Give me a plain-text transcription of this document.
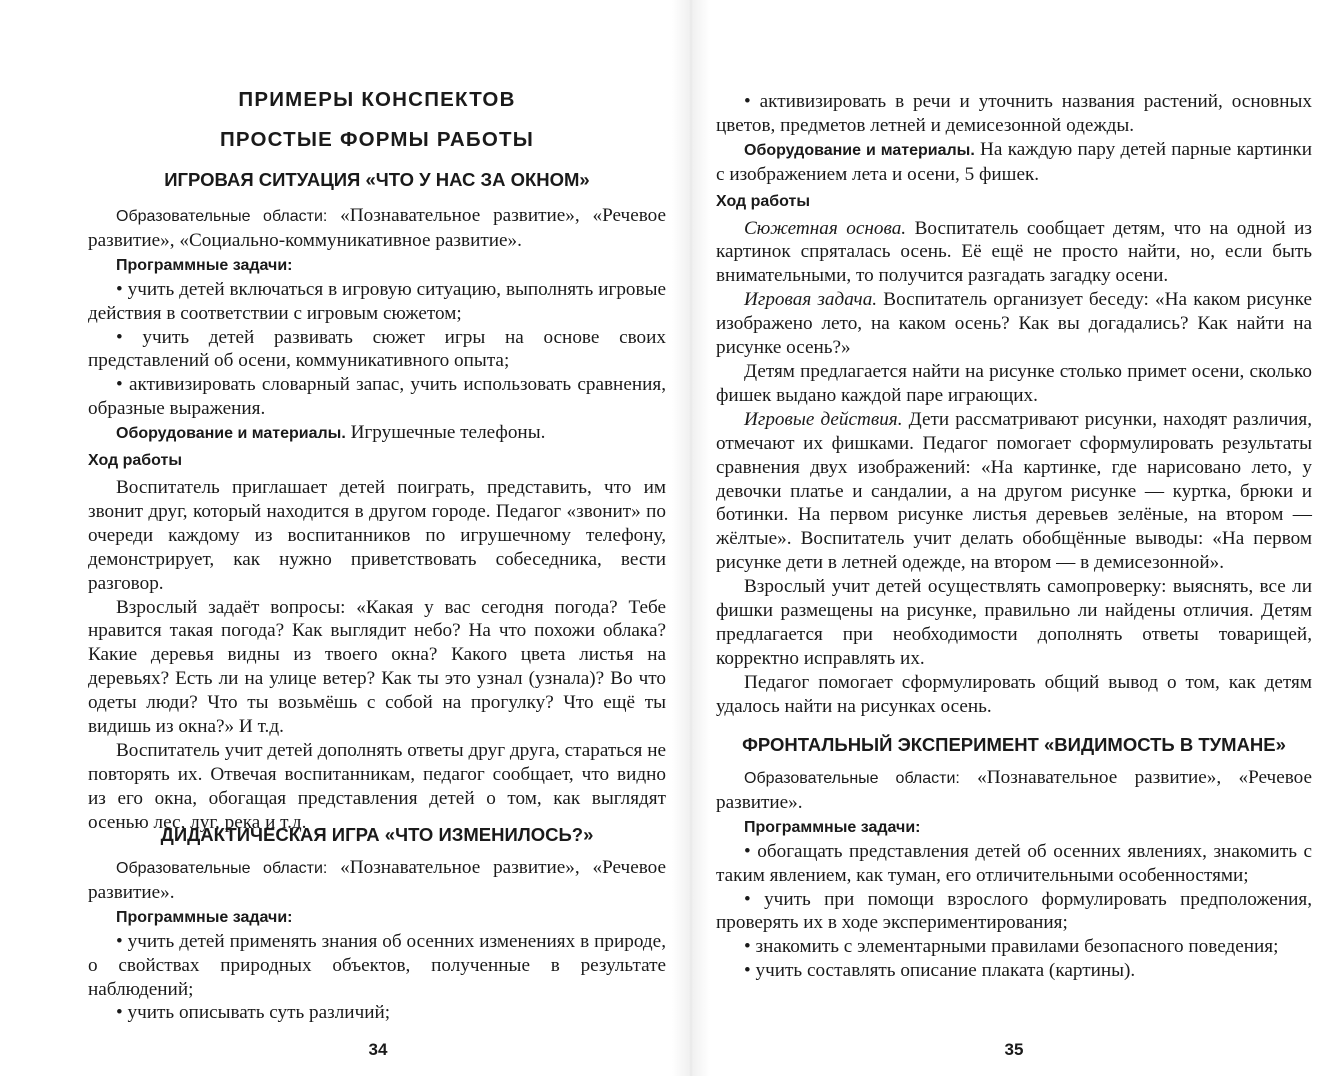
ПРИМЕРЫ КОНСПЕКТОВ
ПРОСТЫЕ ФОРМЫ РАБОТЫ
ИГРОВАЯ СИТУАЦИЯ «ЧТО У НАС ЗА ОКНОМ»

Образовательные области: «Познавательное развитие», «Речевое развитие», «Социально-коммуникативное развитие».

Программные задачи:

• учить детей включаться в игровую ситуацию, выполнять игровые действия в соответствии с игровым сюжетом;

• учить детей развивать сюжет игры на основе своих представлений об осени, коммуникативного опыта;

• активизировать словарный запас, учить использовать сравнения, образные выражения.

Оборудование и материалы. Игрушечные телефоны.

Ход работы

Воспитатель приглашает детей поиграть, представить, что им звонит друг, который находится в другом городе. Педагог «звонит» по очереди каждому из воспитанников по игрушечному телефону, демонстрирует, как нужно приветствовать собеседника, вести разговор.

Взрослый задаёт вопросы: «Какая у вас сегодня погода? Тебе нравится такая погода? Как выглядит небо? На что похожи облака? Какие деревья видны из твоего окна? Какого цвета листья на деревьях? Есть ли на улице ветер? Как ты это узнал (узнала)? Во что одеты люди? Что ты возьмёшь с собой на прогулку? Что ещё ты видишь из окна?» И т.д.

Воспитатель учит детей дополнять ответы друг друга, стараться не повторять их. Отвечая воспитанникам, педагог сообщает, что видно из его окна, обогащая представления детей о том, как выглядят осенью лес, луг, река и т.д.

ДИДАКТИЧЕСКАЯ ИГРА «ЧТО ИЗМЕНИЛОСЬ?»

Образовательные области: «Познавательное развитие», «Речевое развитие».

Программные задачи:

• учить детей применять знания об осенних изменениях в природе, о свойствах природных объектов, полученные в результате наблюдений;

• учить описывать суть различий;

34

• активизировать в речи и уточнить названия растений, основных цветов, предметов летней и демисезонной одежды.

Оборудование и материалы. На каждую пару детей парные картинки с изображением лета и осени, 5 фишек.

Ход работы

Сюжетная основа. Воспитатель сообщает детям, что на одной из картинок спряталась осень. Её ещё не просто найти, но, если быть внимательными, то получится разгадать загадку осени.

Игровая задача. Воспитатель организует беседу: «На каком рисунке изображено лето, на каком осень? Как вы догадались? Как найти на рисунке осень?»

Детям предлагается найти на рисунке столько примет осени, сколько фишек выдано каждой паре играющих.

Игровые действия. Дети рассматривают рисунки, находят различия, отмечают их фишками. Педагог помогает сформулировать результаты сравнения двух изображений: «На картинке, где нарисовано лето, у девочки платье и сандалии, а на другом рисунке — куртка, брюки и ботинки. На первом рисунке листья деревьев зелёные, на втором — жёлтые». Воспитатель учит делать обобщённые выводы: «На первом рисунке дети в летней одежде, на втором — в демисезонной».

Взрослый учит детей осуществлять самопроверку: выяснять, все ли фишки размещены на рисунке, правильно ли найдены отличия. Детям предлагается при необходимости дополнять ответы товарищей, корректно исправлять их.

Педагог помогает сформулировать общий вывод о том, как детям удалось найти на рисунках осень.

ФРОНТАЛЬНЫЙ ЭКСПЕРИМЕНТ «ВИДИМОСТЬ В ТУМАНЕ»

Образовательные области: «Познавательное развитие», «Речевое развитие».

Программные задачи:

• обогащать представления детей об осенних явлениях, знакомить с таким явлением, как туман, его отличительными особенностями;

• учить при помощи взрослого формулировать предположения, проверять их в ходе экспериментирования;

• знакомить с элементарными правилами безопасного поведения;

• учить составлять описание плаката (картины).

35
